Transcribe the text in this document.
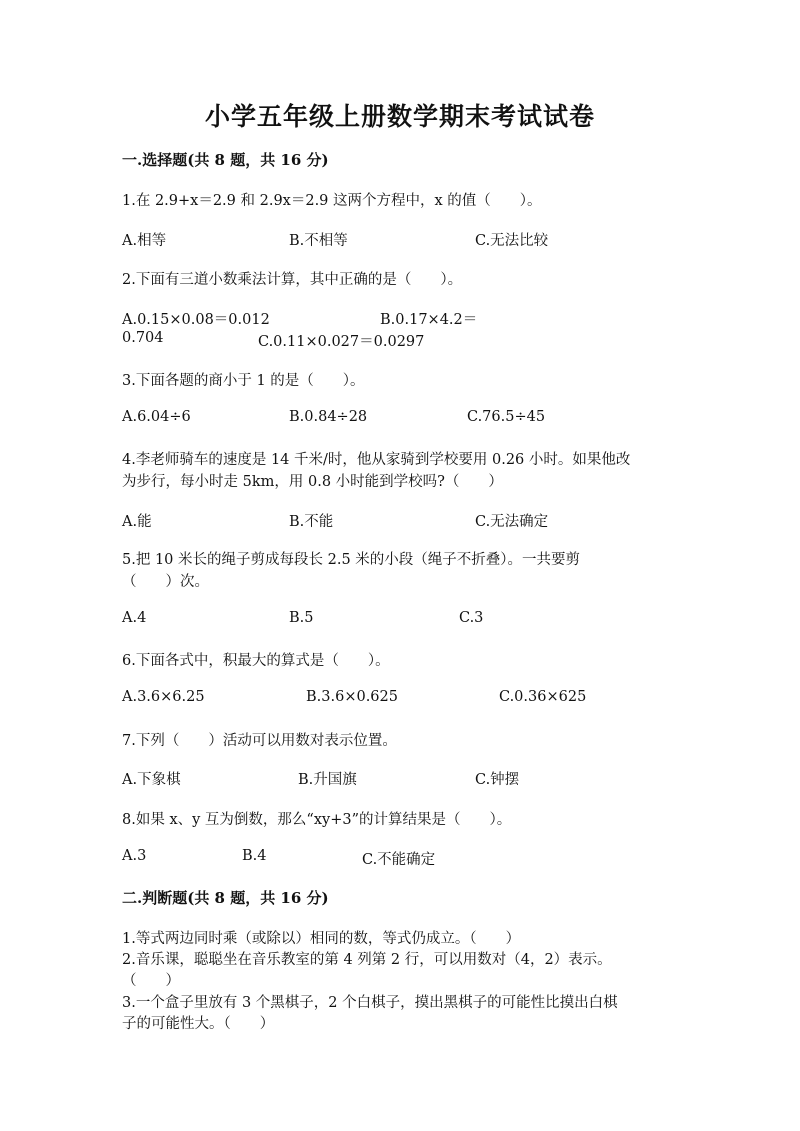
小学五年级上册数学期末考试试卷
一.选择题(共 8 题，共 16 分)
1.在 2.9+x＝2.9 和 2.9x＝2.9 这两个方程中，x 的值（　　）。
A.相等	B.不相等	C.无法比较
2.下面有三道小数乘法计算，其中正确的是（　　）。
A.0.15×0.08＝0.012	B.0.17×4.2＝
0.704	C.0.11×0.027＝0.0297
3.下面各题的商小于 1 的是（　　）。
A.6.04÷6	B.0.84÷28	C.76.5÷45
4.李老师骑车的速度是 14 千米/时，他从家骑到学校要用 0.26 小时。如果他改
为步行，每小时走 5km，用 0.8 小时能到学校吗?（　　）
A.能	B.不能	C.无法确定
5.把 10 米长的绳子剪成每段长 2.5 米的小段（绳子不折叠）。一共要剪
（　　）次。
A.4	B.5	C.3
6.下面各式中，积最大的算式是（　　）。
A.3.6×6.25	B.3.6×0.625	C.0.36×625
7.下列（　　）活动可以用数对表示位置。
A.下象棋	B.升国旗	C.钟摆
8.如果 x、y 互为倒数，那么“xy+3”的计算结果是（　　）。
A.3	B.4	C.不能确定
二.判断题(共 8 题，共 16 分)
1.等式两边同时乘（或除以）相同的数，等式仍成立。（　　）
2.音乐课，聪聪坐在音乐教室的第 4 列第 2 行，可以用数对（4，2）表示。
（　　）
3.一个盒子里放有 3 个黑棋子，2 个白棋子，摸出黑棋子的可能性比摸出白棋
子的可能性大。（　　）
